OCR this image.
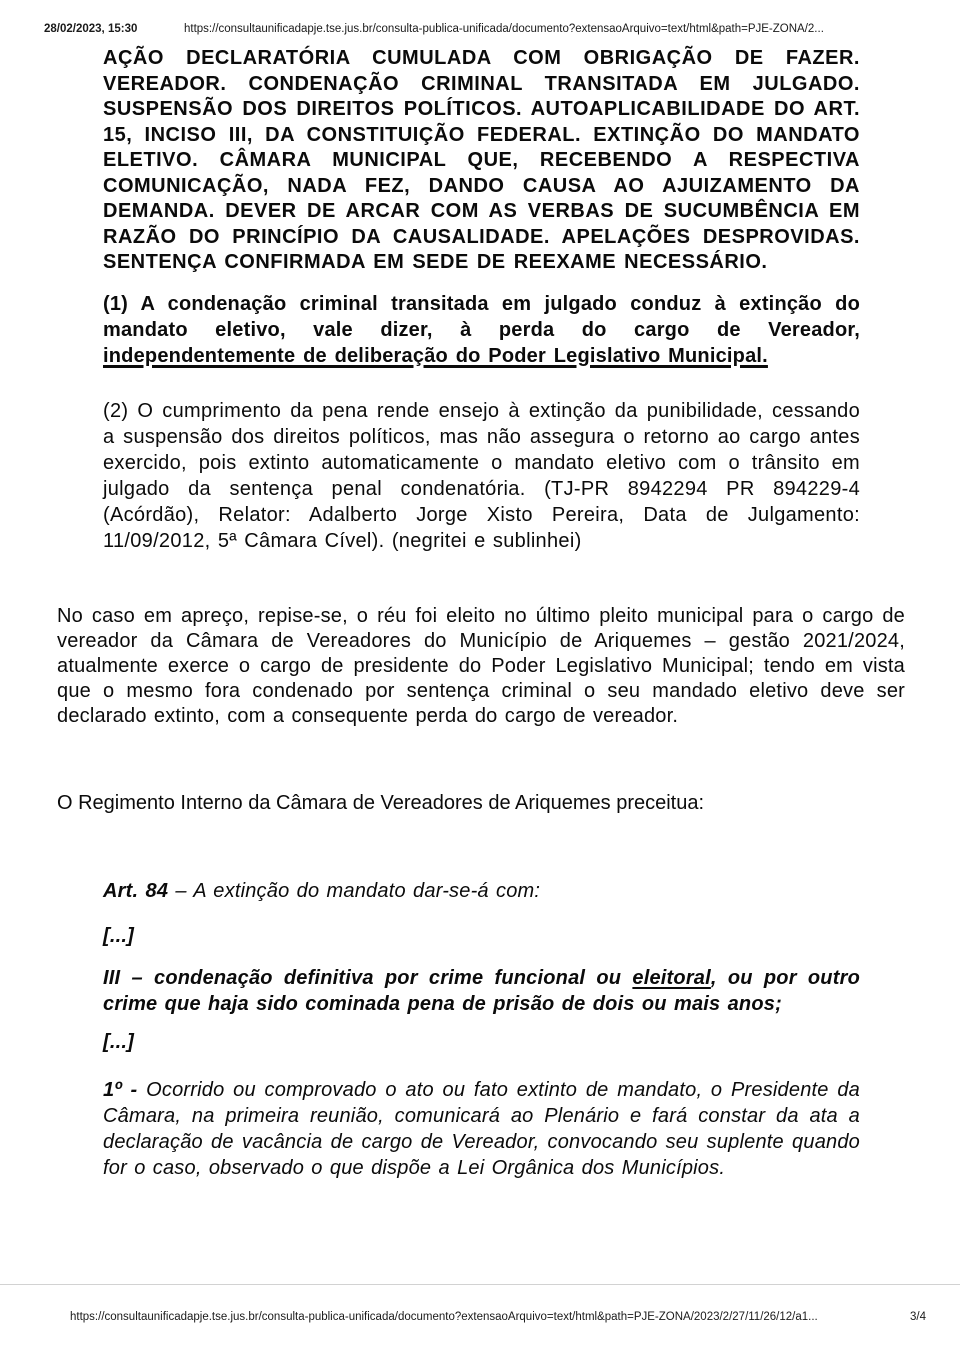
28/02/2023, 15:30	https://consultaunificadapje.tse.jus.br/consulta-publica-unificada/documento?extensaoArquivo=text/html&path=PJE-ZONA/2...

AÇÃO DECLARATÓRIA CUMULADA COM OBRIGAÇÃO DE FAZER. VEREADOR. CONDENAÇÃO CRIMINAL TRANSITADA EM JULGADO. SUSPENSÃO DOS DIREITOS POLÍTICOS. AUTOAPLICABILIDADE DO ART. 15, INCISO III, DA CONSTITUIÇÃO FEDERAL. EXTINÇÃO DO MANDATO ELETIVO. CÂMARA MUNICIPAL QUE, RECEBENDO A RESPECTIVA COMUNICAÇÃO, NADA FEZ, DANDO CAUSA AO AJUIZAMENTO DA DEMANDA. DEVER DE ARCAR COM AS VERBAS DE SUCUMBÊNCIA EM RAZÃO DO PRINCÍPIO DA CAUSALIDADE. APELAÇÕES DESPROVIDAS. SENTENÇA CONFIRMADA EM SEDE DE REEXAME NECESSÁRIO.

(1) A condenação criminal transitada em julgado conduz à extinção do mandato eletivo, vale dizer, à perda do cargo de Vereador, independentemente de deliberação do Poder Legislativo Municipal.

(2) O cumprimento da pena rende ensejo à extinção da punibilidade, cessando a suspensão dos direitos políticos, mas não assegura o retorno ao cargo antes exercido, pois extinto automaticamente o mandato eletivo com o trânsito em julgado da sentença penal condenatória. (TJ-PR 8942294 PR 894229-4 (Acórdão), Relator: Adalberto Jorge Xisto Pereira, Data de Julgamento: 11/09/2012, 5ª Câmara Cível). (negritei e sublinhei)

No caso em apreço, repise-se, o réu foi eleito no último pleito municipal para o cargo de vereador da Câmara de Vereadores do Município de Ariquemes – gestão 2021/2024, atualmente exerce o cargo de presidente do Poder Legislativo Municipal; tendo em vista que o mesmo fora condenado por sentença criminal o seu mandado eletivo deve ser declarado extinto, com a consequente perda do cargo de vereador.

O Regimento Interno da Câmara de Vereadores de Ariquemes preceitua:

Art. 84 – A extinção do mandato dar-se-á com:

[...]

III – condenação definitiva por crime funcional ou eleitoral, ou por outro crime que haja sido cominada pena de prisão de dois ou mais anos;

[...]

1º - Ocorrido ou comprovado o ato ou fato extinto de mandato, o Presidente da Câmara, na primeira reunião, comunicará ao Plenário e fará constar da ata a declaração de vacância de cargo de Vereador, convocando seu suplente quando for o caso, observado o que dispõe a Lei Orgânica dos Municípios.

https://consultaunificadapje.tse.jus.br/consulta-publica-unificada/documento?extensaoArquivo=text/html&path=PJE-ZONA/2023/2/27/11/26/12/a1...	3/4
